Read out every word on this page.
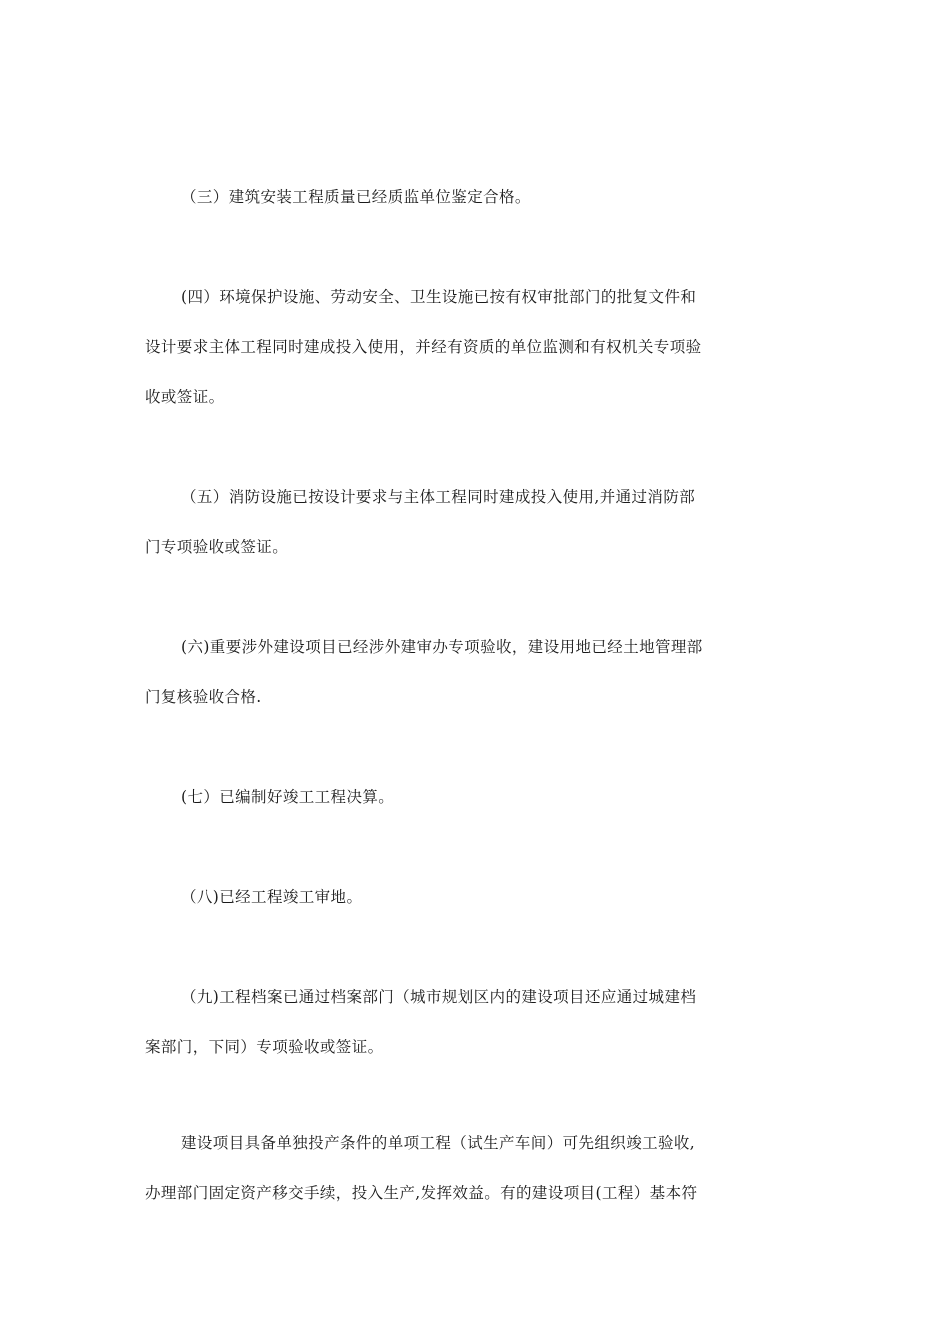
（三）建筑安装工程质量已经质监单位鉴定合格。
(四）环境保护设施、劳动安全、卫生设施已按有权审批部门的批复文件和
设计要求主体工程同时建成投入使用，并经有资质的单位监测和有权机关专项验
收或签证。
（五）消防设施已按设计要求与主体工程同时建成投入使用,并通过消防部
门专项验收或签证。
(六)重要涉外建设项目已经涉外建审办专项验收，建设用地已经土地管理部
门复核验收合格.
(七）已编制好竣工工程决算。
（八)已经工程竣工审地。
（九)工程档案已通过档案部门（城市规划区内的建设项目还应通过城建档
案部门，下同）专项验收或签证。
建设项目具备单独投产条件的单项工程（试生产车间）可先组织竣工验收,
办理部门固定资产移交手续，投入生产,发挥效益。有的建设项目(工程）基本符
